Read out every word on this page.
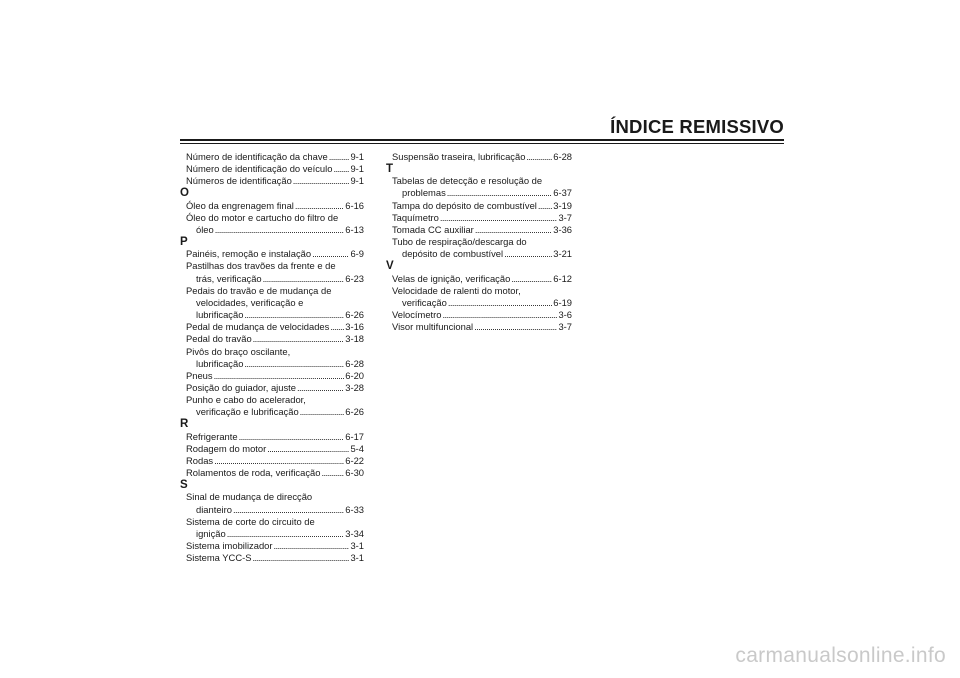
ÍNDICE REMISSIVO
Número de identificação da chave . . . 9-1
Número de identificação do veículo . . . 9-1
Números de identificação . . .	9-1
O
Óleo da engrenagem final . . .	6-16
Óleo do motor e cartucho do filtro de
óleo . . .	6-13
P
Painéis, remoção e instalação . . .	6-9
Pastilhas dos travões da frente e de
trás, verificação . . .	6-23
Pedais do travão e de mudança de
velocidades, verificação e
lubrificação . . .	6-26
Pedal de mudança de velocidades . . . 3-16
Pedal do travão . . .	3-18
Pivôs do braço oscilante,
lubrificação . . .	6-28
Pneus . . .	6-20
Posição do guiador, ajuste . . .	3-28
Punho e cabo do acelerador,
verificação e lubrificação . . .	6-26
R
Refrigerante . . .	6-17
Rodagem do motor . . .	5-4
Rodas . . .	6-22
Rolamentos de roda, verificação . . .	6-30
S
Sinal de mudança de direcção
dianteiro . . .	6-33
Sistema de corte do circuito de
ignição . . .	3-34
Sistema imobilizador . . .	3-1
Sistema YCC-S . . .	3-1
Suspensão traseira, lubrificação . . .	6-28
T
Tabelas de detecção e resolução de
problemas . . .	6-37
Tampa do depósito de combustível . . . 3-19
Taquímetro . . .	3-7
Tomada CC auxiliar . . .	3-36
Tubo de respiração/descarga do
depósito de combustível . . .	3-21
V
Velas de ignição, verificação . . .	6-12
Velocidade de ralenti do motor,
verificação . . .	6-19
Velocímetro . . .	3-6
Visor multifuncional . . .	3-7
carmanualsonline.info
